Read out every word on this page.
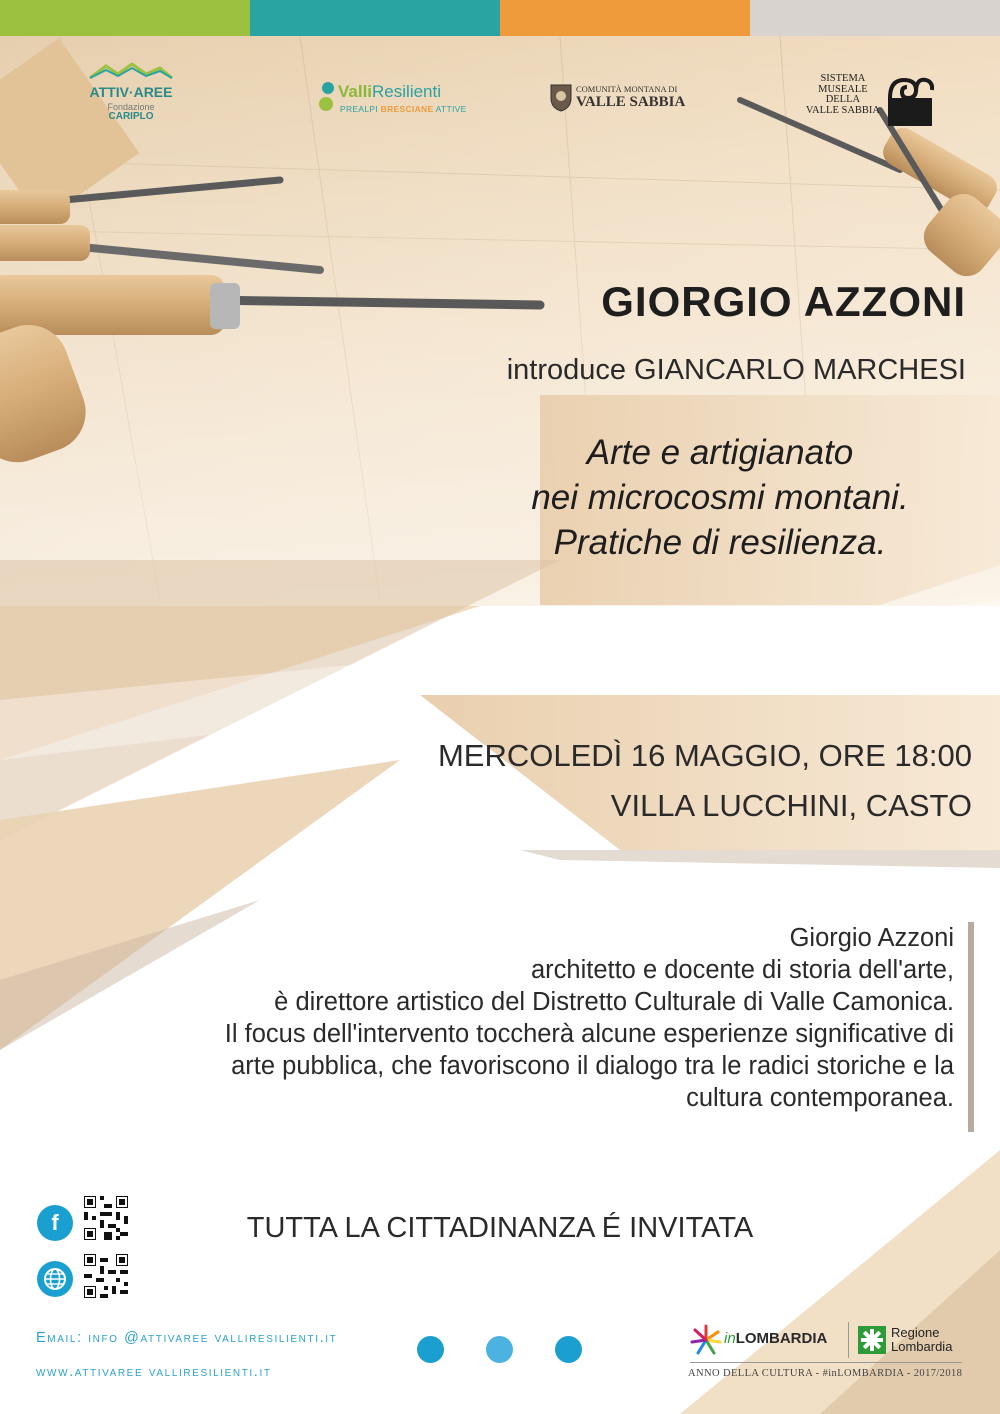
ATTIV·AREE
Fondazione
CARIPLO
ValliResilienti
PREALPI BRESCIANE ATTIVE
COMUNITÀ MONTANA DI
VALLE SABBIA
SISTEMA
MUSEALE
DELLA
VALLE SABBIA
GIORGIO AZZONI
introduce GIANCARLO MARCHESI
Arte e artigianato
nei microcosmi montani.
Pratiche di resilienza.
MERCOLEDÌ 16 MAGGIO, ORE 18:00
VILLA LUCCHINI, CASTO
Giorgio Azzoni
architetto e docente di storia dell'arte,
è direttore artistico del Distretto Culturale di Valle Camonica.
Il focus dell'intervento toccherà alcune esperienze significative di
arte pubblica, che favoriscono il dialogo tra le radici storiche e la
cultura contemporanea.
TUTTA LA CITTADINANZA É INVITATA
f
Email: info @attivaree valliresilienti.it
www.attivaree valliresilienti.it
inLOMBARDIA	Regione
Lombardia
ANNO DELLA CULTURA - #inLOMBARDIA - 2017/2018
